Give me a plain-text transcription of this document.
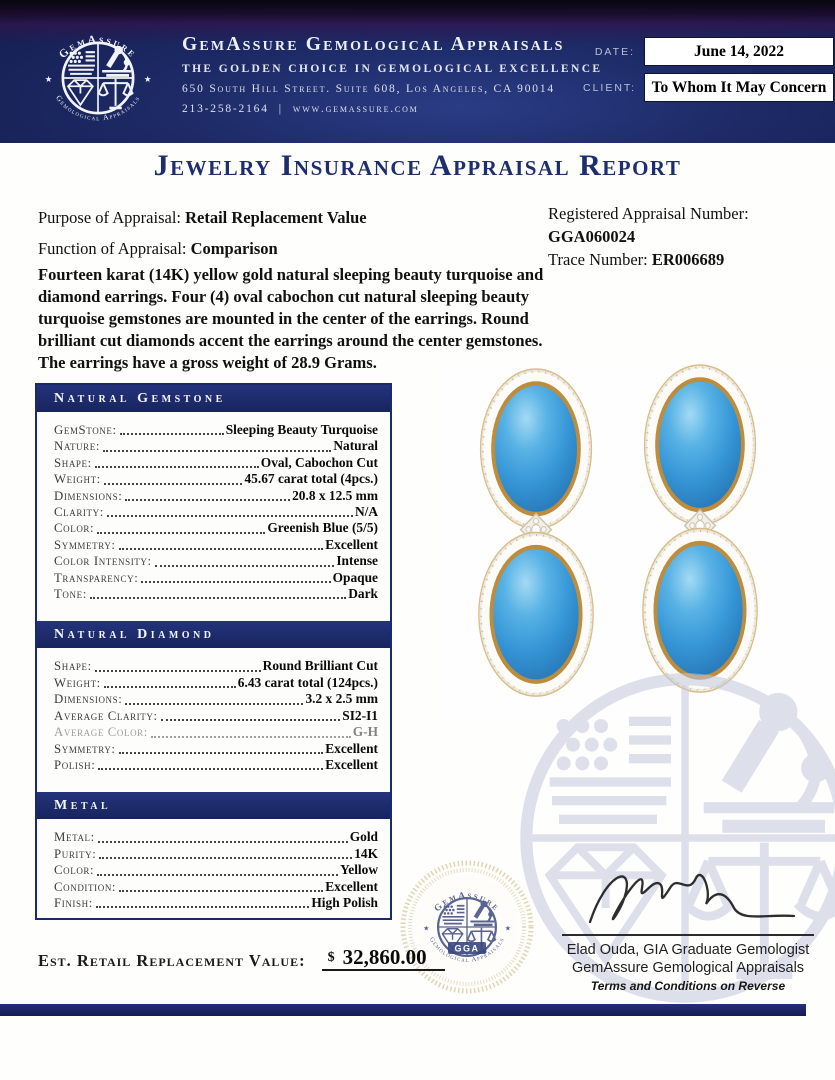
GemAssure Gemological Appraisals
THE GOLDEN CHOICE IN GEMOLOGICAL EXCELLENCE
650 South Hill Street. Suite 608, Los Angeles, CA 90014
213-258-2164 | www.gemassure.com
DATE:	June 14, 2022
CLIENT: To Whom It May Concern
Jewelry Insurance Appraisal Report
Purpose of Appraisal: Retail Replacement Value
Function of Appraisal: Comparison
Registered Appraisal Number: GGA060024
Trace Number: ER006689
Fourteen karat (14K) yellow gold natural sleeping beauty turquoise and diamond earrings. Four (4) oval cabochon cut natural sleeping beauty turquoise gemstones are mounted in the center of the earrings. Round brilliant cut diamonds accent the earrings around the center gemstones. The earrings have a gross weight of 28.9 Grams.
Natural Gemstone
GemStone:	Sleeping Beauty Turquoise
Nature:	Natural
Shape:	Oval, Cabochon Cut
Weight:	45.67 carat total (4pcs.)
Dimensions:	20.8 x 12.5 mm
Clarity:	N/A
Color:	Greenish Blue (5/5)
Symmetry:	Excellent
Color Intensity:	Intense
Transparency:	Opaque
Tone:	Dark
Natural Diamond
Shape:	Round Brilliant Cut
Weight:	6.43 carat total (124pcs.)
Dimensions:	3.2 x 2.5 mm
Average Clarity:	SI2-I1
Average Color:	G-H
Symmetry:	Excellent
Polish:	Excellent
Metal
Metal:	Gold
Purity:	14K
Color:	Yellow
Condition:	Excellent
Finish:	High Polish
GGA	Elad Ouda, GIA Graduate Gemologist
GemAssure Gemological Appraisals
Terms and Conditions on Reverse
Est. Retail Replacement Value: $ 32,860.00
